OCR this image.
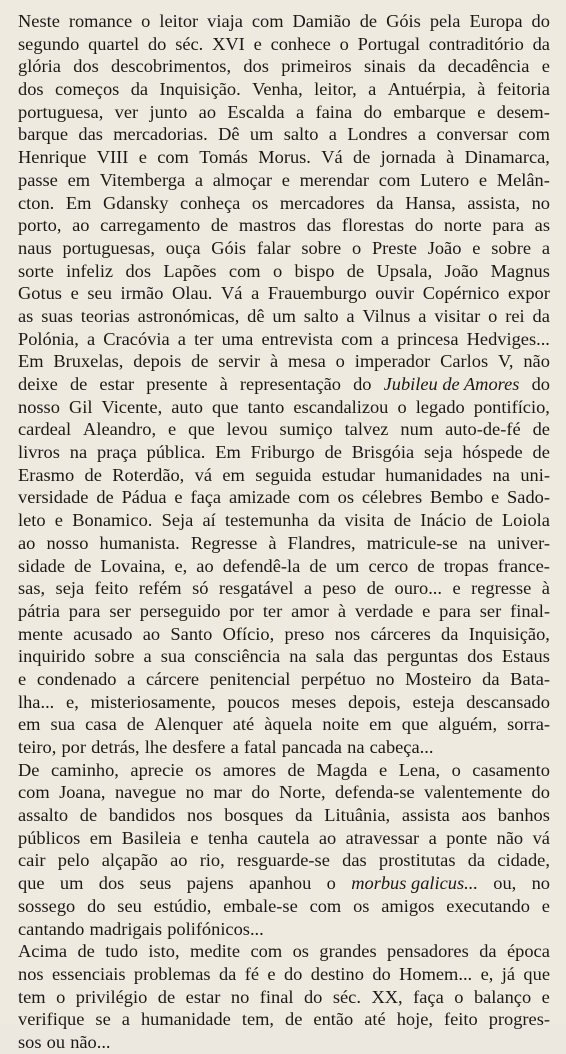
Neste romance o leitor viaja com Damião de Góis pela Europa do
segundo quartel do séc. XVI e conhece o Portugal contraditório da
glória dos descobrimentos, dos primeiros sinais da decadência e
dos começos da Inquisição. Venha, leitor, a Antuérpia, à feitoria
portuguesa, ver junto ao Escalda a faina do embarque e desem-
barque das mercadorias. Dê um salto a Londres a conversar com
Henrique VIII e com Tomás Morus. Vá de jornada à Dinamarca,
passe em Vitemberga a almoçar e merendar com Lutero e Melân-
cton. Em Gdansky conheça os mercadores da Hansa, assista, no
porto, ao carregamento de mastros das florestas do norte para as
naus portuguesas, ouça Góis falar sobre o Preste João e sobre a
sorte infeliz dos Lapões com o bispo de Upsala, João Magnus
Gotus e seu irmão Olau. Vá a Frauemburgo ouvir Copérnico expor
as suas teorias astronómicas, dê um salto a Vilnus a visitar o rei da
Polónia, a Cracóvia a ter uma entrevista com a princesa Hedviges...
Em Bruxelas, depois de servir à mesa o imperador Carlos V, não
deixe de estar presente à representação do Jubileu de Amores do
nosso Gil Vicente, auto que tanto escandalizou o legado pontifício,
cardeal Aleandro, e que levou sumiço talvez num auto-de-fé de
livros na praça pública. Em Friburgo de Brisgóia seja hóspede de
Erasmo de Roterdão, vá em seguida estudar humanidades na uni-
versidade de Pádua e faça amizade com os célebres Bembo e Sado-
leto e Bonamico. Seja aí testemunha da visita de Inácio de Loiola
ao nosso humanista. Regresse à Flandres, matricule-se na univer-
sidade de Lovaina, e, ao defendê-la de um cerco de tropas france-
sas, seja feito refém só resgatável a peso de ouro... e regresse à
pátria para ser perseguido por ter amor à verdade e para ser final-
mente acusado ao Santo Ofício, preso nos cárceres da Inquisição,
inquirido sobre a sua consciência na sala das perguntas dos Estaus
e condenado a cárcere penitencial perpétuo no Mosteiro da Bata-
lha... e, misteriosamente, poucos meses depois, esteja descansado
em sua casa de Alenquer até àquela noite em que alguém, sorra-
teiro, por detrás, lhe desfere a fatal pancada na cabeça...
De caminho, aprecie os amores de Magda e Lena, o casamento
com Joana, navegue no mar do Norte, defenda-se valentemente do
assalto de bandidos nos bosques da Lituânia, assista aos banhos
públicos em Basileia e tenha cautela ao atravessar a ponte não vá
cair pelo alçapão ao rio, resguarde-se das prostitutas da cidade,
que um dos seus pajens apanhou o morbus galicus... ou, no
sossego do seu estúdio, embale-se com os amigos executando e
cantando madrigais polifónicos...
Acima de tudo isto, medite com os grandes pensadores da época
nos essenciais problemas da fé e do destino do Homem... e, já que
tem o privilégio de estar no final do séc. XX, faça o balanço e
verifique se a humanidade tem, de então até hoje, feito progres-
sos ou não...
